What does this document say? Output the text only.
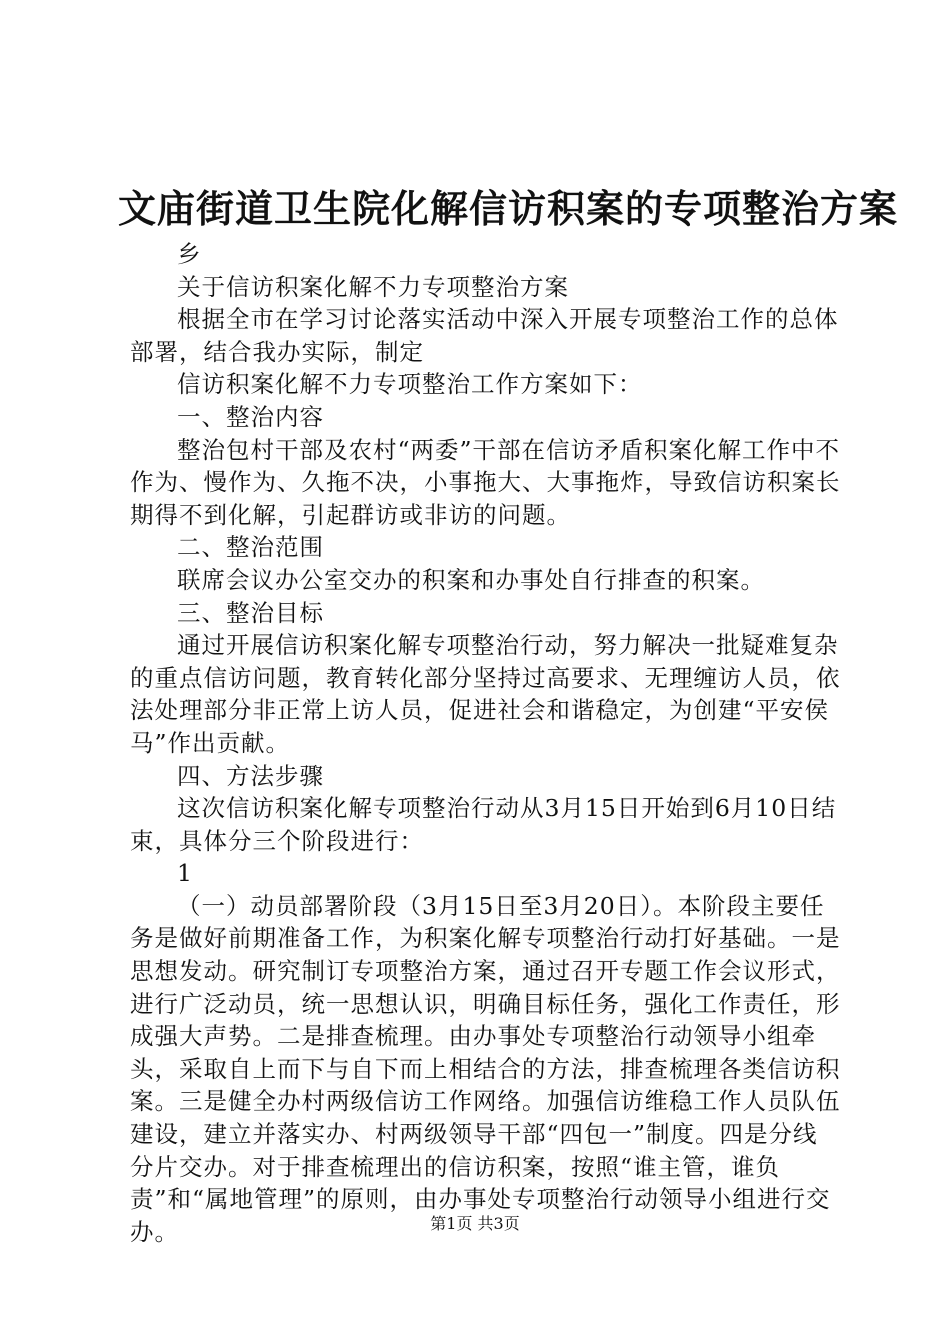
文庙街道卫生院化解信访积案的专项整治方案

乡

关于信访积案化解不力专项整治方案

根据全市在学习讨论落实活动中深入开展专项整治工作的总体部署，结合我办实际，制定

信访积案化解不力专项整治工作方案如下：

一、整治内容

整治包村干部及农村“两委”干部在信访矛盾积案化解工作中不作为、慢作为、久拖不决，小事拖大、大事拖炸，导致信访积案长期得不到化解，引起群访或非访的问题。

二、整治范围

联席会议办公室交办的积案和办事处自行排查的积案。

三、整治目标

通过开展信访积案化解专项整治行动，努力解决一批疑难复杂的重点信访问题，教育转化部分坚持过高要求、无理缠访人员，依法处理部分非正常上访人员，促进社会和谐稳定，为创建“平安侯马”作出贡献。

四、方法步骤

这次信访积案化解专项整治行动从3月15日开始到6月10日结束，具体分三个阶段进行：

1

（一）动员部署阶段（3月15日至3月20日）。本阶段主要任务是做好前期准备工作，为积案化解专项整治行动打好基础。一是思想发动。研究制订专项整治方案，通过召开专题工作会议形式，进行广泛动员，统一思想认识，明确目标任务，强化工作责任，形成强大声势。二是排查梳理。由办事处专项整治行动领导小组牵头，采取自上而下与自下而上相结合的方法，排查梳理各类信访积案。三是健全办村两级信访工作网络。加强信访维稳工作人员队伍建设，建立并落实办、村两级领导干部“四包一”制度。四是分线分片交办。对于排查梳理出的信访积案，按照“谁主管，谁负责”和“属地管理”的原则，由办事处专项整治行动领导小组进行交办。	第1页 共3页
